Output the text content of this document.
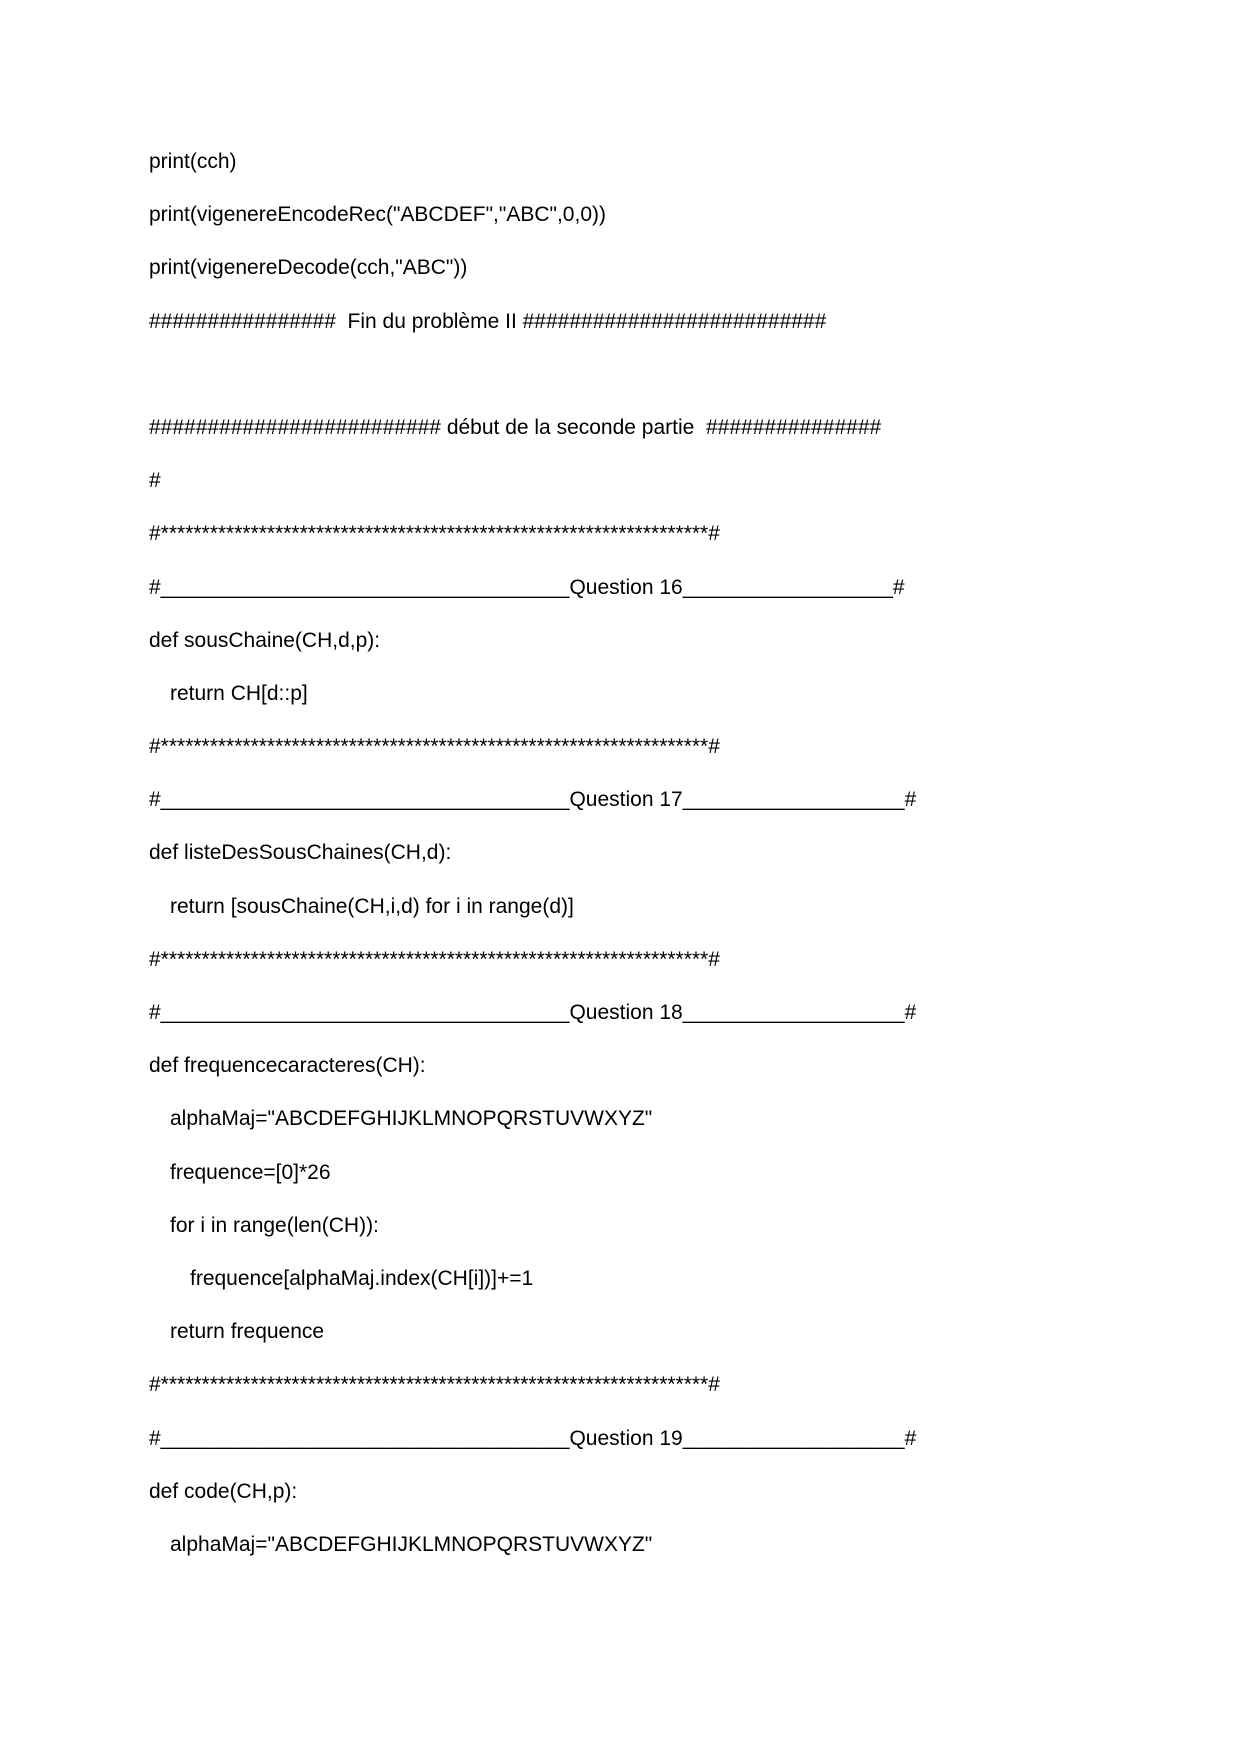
print(cch)
print(vigenereEncodeRec("ABCDEF","ABC",0,0))
print(vigenereDecode(cch,"ABC"))
################  Fin du problème II ##########################
######################### début de la seconde partie  ###############
#
#*******************************************************************#
#___________________________________Question 16__________________#
def sousChaine(CH,d,p):
return CH[d::p]
#*******************************************************************#
#___________________________________Question 17___________________#
def listeDesSousChaines(CH,d):
return [sousChaine(CH,i,d) for i in range(d)]
#*******************************************************************#
#___________________________________Question 18___________________#
def frequencecaracteres(CH):
alphaMaj="ABCDEFGHIJKLMNOPQRSTUVWXYZ"
frequence=[0]*26
for i in range(len(CH)):
frequence[alphaMaj.index(CH[i])]+=1
return frequence
#*******************************************************************#
#___________________________________Question 19___________________#
def code(CH,p):
alphaMaj="ABCDEFGHIJKLMNOPQRSTUVWXYZ"
